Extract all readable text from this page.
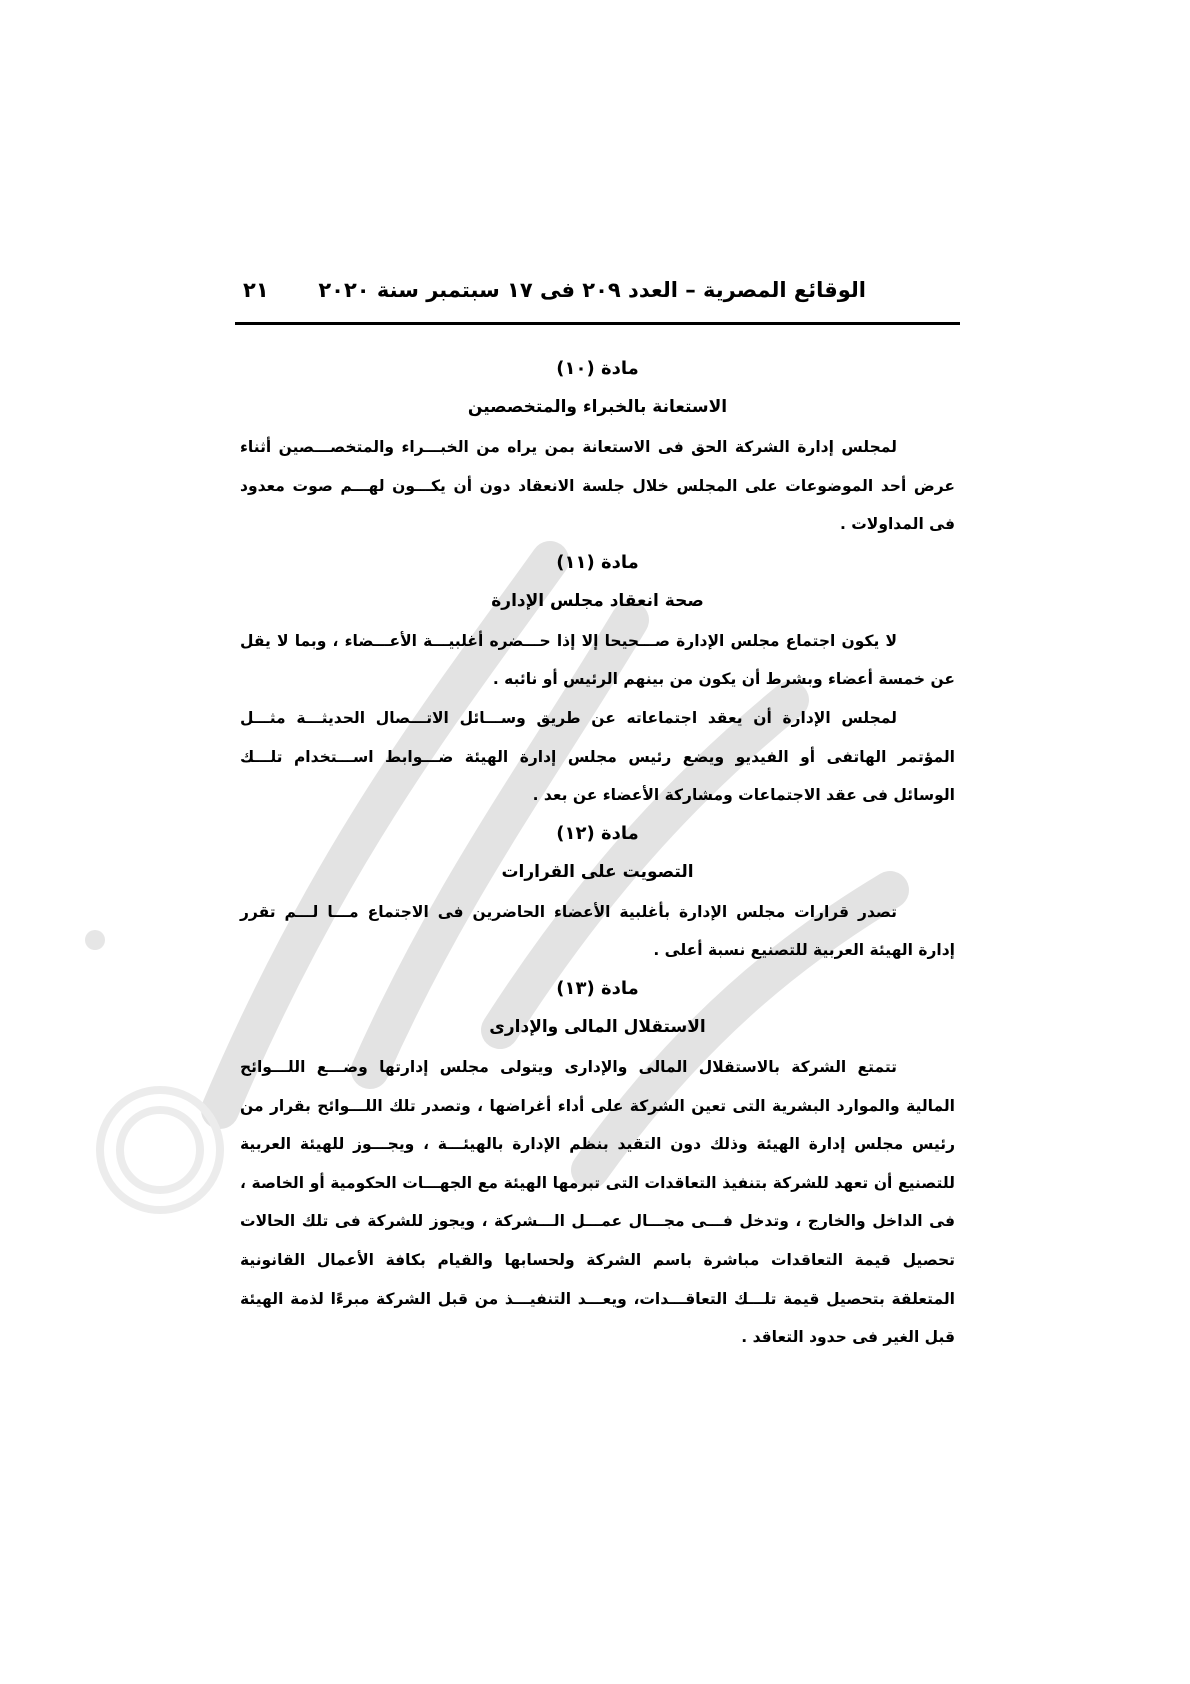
الوقائع المصرية – العدد ٢٠٩ فى ١٧ سبتمبر سنة ٢٠٢٠
٢١
مادة (١٠)
الاستعانة بالخبراء والمتخصصين

لمجلس إدارة الشركة الحق فى الاستعانة بمن يراه من الخبـــراء والمتخصـــصين أثناء عرض أحد الموضوعات على المجلس خلال جلسة الانعقاد دون أن يكـــون لهـــم صوت معدود فى المداولات .

مادة (١١)
صحة انعقاد مجلس الإدارة

لا يكون اجتماع مجلس الإدارة صـــحيحا إلا إذا حـــضره أغلبيـــة الأعـــضاء ، وبما لا يقل عن خمسة أعضاء وبشرط أن يكون من بينهم الرئيس أو نائبه .

لمجلس الإدارة أن يعقد اجتماعاته عن طريق وســـائل الاتـــصال الحديثـــة مثـــل المؤتمر الهاتفى أو الفيديو ويضع رئيس مجلس إدارة الهيئة ضـــوابط اســـتخدام تلـــك الوسائل فى عقد الاجتماعات ومشاركة الأعضاء عن بعد .

مادة (١٢)
التصويت على القرارات

تصدر قرارات مجلس الإدارة بأغلبية الأعضاء الحاضرين فى الاجتماع مـــا لـــم تقرر إدارة الهيئة العربية للتصنيع نسبة أعلى .

مادة (١٣)
الاستقلال المالى والإدارى

تتمتع الشركة بالاستقلال المالى والإدارى ويتولى مجلس إدارتها وضـــع اللـــوائح المالية والموارد البشرية التى تعين الشركة على أداء أغراضها ، وتصدر تلك اللـــوائح بقرار من رئيس مجلس إدارة الهيئة وذلك دون التقيد بنظم الإدارة بالهيئـــة ، ويجـــوز للهيئة العربية للتصنيع أن تعهد للشركة بتنفيذ التعاقدات التى تبرمها الهيئة مع الجهـــات الحكومية أو الخاصة ، فى الداخل والخارج ، وتدخل فـــى مجـــال عمـــل الـــشركة ، ويجوز للشركة فى تلك الحالات تحصيل قيمة التعاقدات مباشرة باسم الشركة ولحسابها والقيام بكافة الأعمال القانونية المتعلقة بتحصيل قيمة تلـــك التعاقـــدات، ويعـــد التنفيـــذ من قبل الشركة مبرءًا لذمة الهيئة قبل الغير فى حدود التعاقد .
